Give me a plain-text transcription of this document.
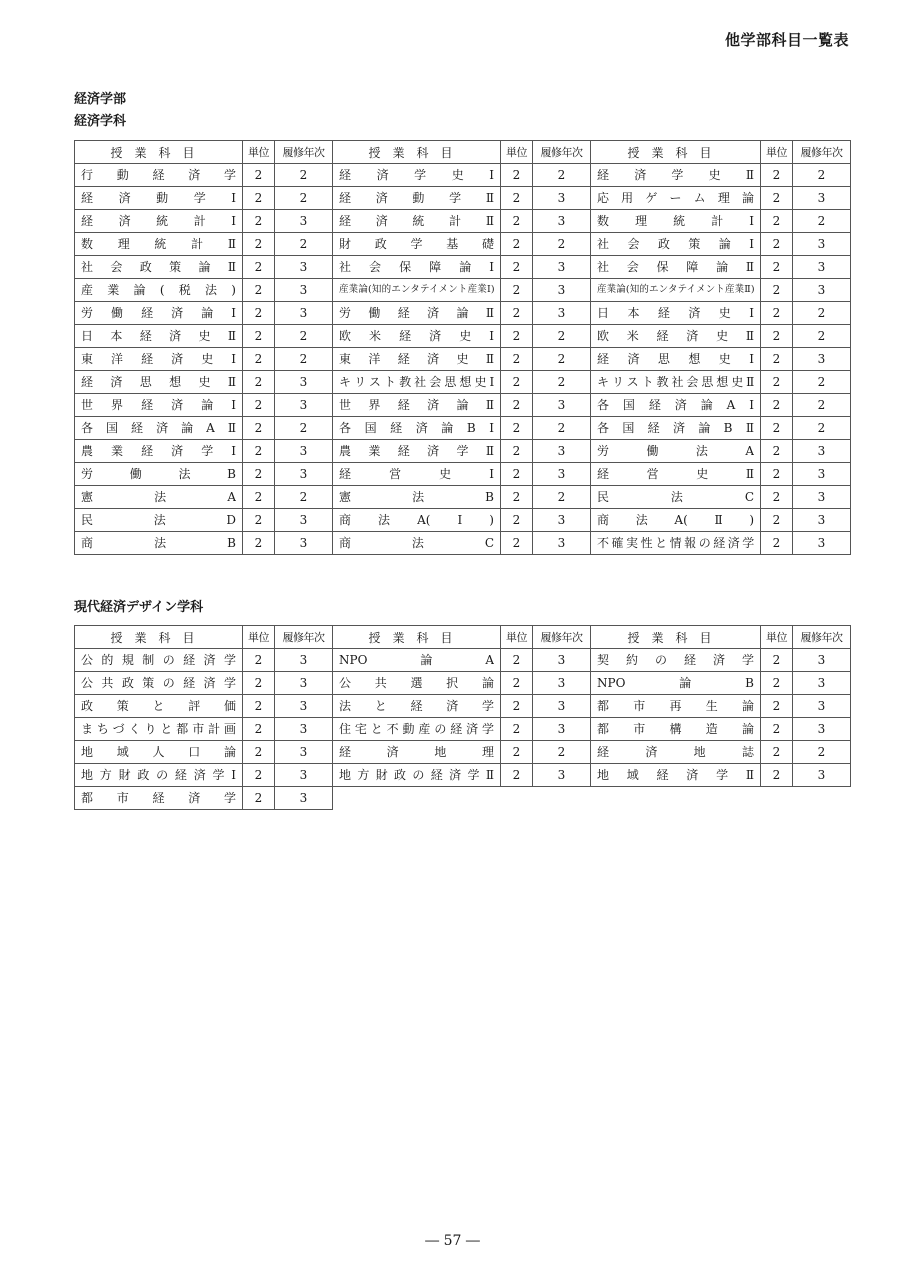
他学部科目一覧表
経済学部
経済学科
授業科目	単位	履修年次	授業科目	単位	履修年次	授業科目	単位	履修年次

行動経済学	2	2	経済学史Ⅰ	2	2	経済学史Ⅱ	2	2

経済動学Ⅰ	2	2	経済動学Ⅱ	2	3	応用ゲーム理論	2	3

経済統計Ⅰ	2	3	経済統計Ⅱ	2	3	数理統計Ⅰ	2	2

数理統計Ⅱ	2	2	財政学基礎	2	2	社会政策論Ⅰ	2	3

社会政策論Ⅱ	2	3	社会保障論Ⅰ	2	3	社会保障論Ⅱ	2	3

産業論(税法)	2	3	産業論(知的エンタテイメント産業Ⅰ)	2	3	産業論(知的エンタテイメント産業Ⅱ)	2	3

労働経済論Ⅰ	2	3	労働経済論Ⅱ	2	3	日本経済史Ⅰ	2	2

日本経済史Ⅱ	2	2	欧米経済史Ⅰ	2	2	欧米経済史Ⅱ	2	2

東洋経済史Ⅰ	2	2	東洋経済史Ⅱ	2	2	経済思想史Ⅰ	2	3

経済思想史Ⅱ	2	3	キリスト教社会思想史Ⅰ	2	2	キリスト教社会思想史Ⅱ	2	2

世界経済論Ⅰ	2	3	世界経済論Ⅱ	2	3	各国経済論AⅠ	2	2

各国経済論AⅡ	2	2	各国経済論BⅠ	2	2	各国経済論BⅡ	2	2

農業経済学Ⅰ	2	3	農業経済学Ⅱ	2	3	労働法A	2	3

労働法B	2	3	経営史Ⅰ	2	3	経営史Ⅱ	2	3

憲法A	2	2	憲法B	2	2	民法C	2	3

民法D	2	3	商法A(Ⅰ)	2	3	商法A(Ⅱ)	2	3

商法B	2	3	商法C	2	3	不確実性と情報の経済学	2	3
現代経済デザイン学科
授業科目	単位	履修年次	授業科目	単位	履修年次	授業科目	単位	履修年次

公的規制の経済学	2	3	NPO論A	2	3	契約の経済学	2	3

公共政策の経済学	2	3	公共選択論	2	3	NPO論B	2	3

政策と評価	2	3	法と経済学	2	3	都市再生論	2	3

まちづくりと都市計画	2	3	住宅と不動産の経済学	2	3	都市構造論	2	3

地域人口論	2	3	経済地理	2	2	経済地誌	2	2

地方財政の経済学Ⅰ	2	3	地方財政の経済学Ⅱ	2	3	地域経済学Ⅱ	2	3

都市経済学	2	3						
― 57 ―
